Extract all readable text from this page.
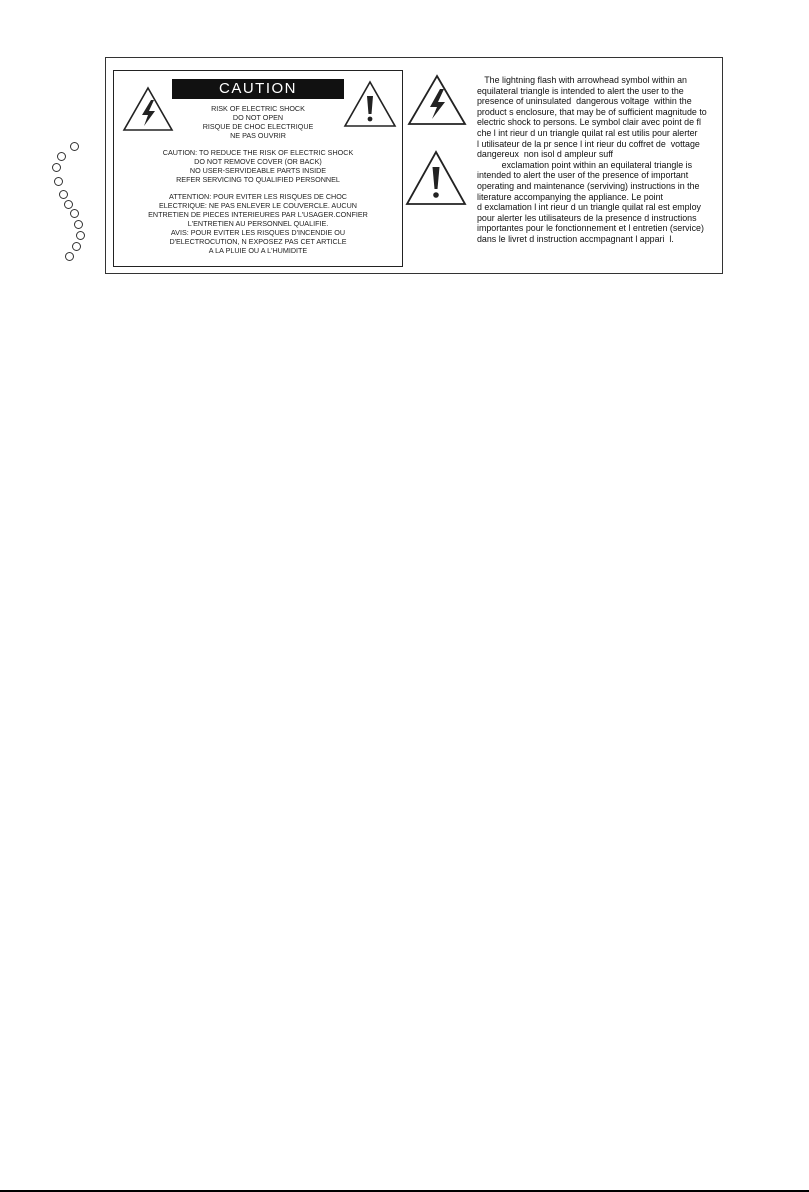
CAUTION
RISK OF ELECTRIC SHOCK
DO NOT OPEN
RISQUE DE CHOC ELECTRIQUE
NE PAS OUVRIR
CAUTION: TO REDUCE THE RISK OF ELECTRIC SHOCK
DO NOT REMOVE COVER (OR BACK)
NO USER-SERVIDEABLE PARTS INSIDE
REFER SERVICING TO QUALIFIED PERSONNEL
ATTENTION: POUR EVITER LES RISQUES DE CHOC
ELECTRIQUE: NE PAS ENLEVER LE COUVERCLE. AUCUN
ENTRETIEN DE PIECES INTERIEURES PAR L'USAGER.CONFIER
L'ENTRETIEN AU PERSONNEL QUALIFIE.
AVIS: POUR EVITER LES RISQUES D'INCENDIE OU
D'ELECTROCUTION, N EXPOSEZ PAS CET ARTICLE
A LA PLUIE OU A L'HUMIDITE
The lightning flash with arrowhead symbol within an
equilateral triangle is intended to alert the user to the
presence of uninsulated  dangerous voltage  within the
product s enclosure, that may be of sufficient magnitude to
electric shock to persons. Le symbol clair avec point de fl
che l int rieur d un triangle quilat ral est utilis pour alerter
l utilisateur de la pr sence l int rieur du coffret de  vottage
dangereux  non isol d ampleur suff
exclamation point within an equilateral triangle is
intended to alert the user of the presence of important
operating and maintenance (serviving) instructions in the
literature accompanying the appliance. Le point
d exclamation l int rieur d un triangle quilat ral est employ
pour alerter les utilisateurs de la presence d instructions
importantes pour le fonctionnement et l entretien (service)
dans le livret d instruction accmpagnant l appari  l.
